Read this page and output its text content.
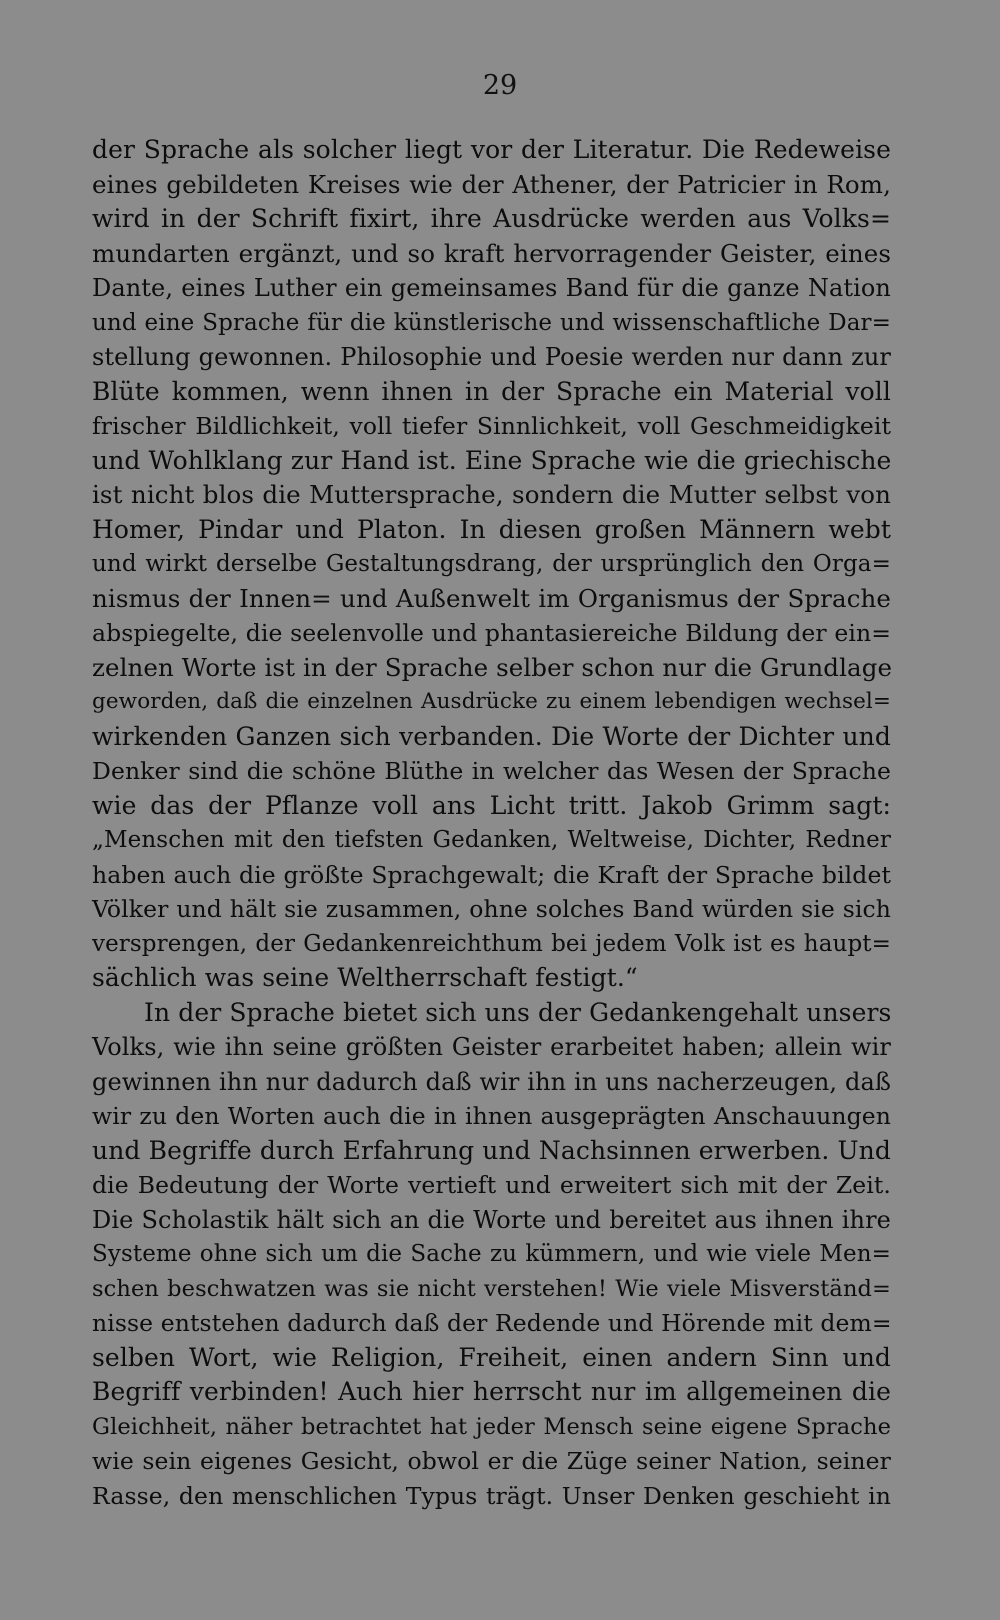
29
der Sprache als solcher liegt vor der Literatur. Die Redeweise
eines gebildeten Kreises wie der Athener, der Patricier in Rom,
wird in der Schrift fixirt, ihre Ausdrücke werden aus Volks=
mundarten ergänzt, und so kraft hervorragender Geister, eines
Dante, eines Luther ein gemeinsames Band für die ganze Nation
und eine Sprache für die künstlerische und wissenschaftliche Dar=
stellung gewonnen. Philosophie und Poesie werden nur dann zur
Blüte kommen, wenn ihnen in der Sprache ein Material voll
frischer Bildlichkeit, voll tiefer Sinnlichkeit, voll Geschmeidigkeit
und Wohlklang zur Hand ist. Eine Sprache wie die griechische
ist nicht blos die Muttersprache, sondern die Mutter selbst von
Homer, Pindar und Platon. In diesen großen Männern webt
und wirkt derselbe Gestaltungsdrang, der ursprünglich den Orga=
nismus der Innen= und Außenwelt im Organismus der Sprache
abspiegelte, die seelenvolle und phantasiereiche Bildung der ein=
zelnen Worte ist in der Sprache selber schon nur die Grundlage
geworden, daß die einzelnen Ausdrücke zu einem lebendigen wechsel=
wirkenden Ganzen sich verbanden. Die Worte der Dichter und
Denker sind die schöne Blüthe in welcher das Wesen der Sprache
wie das der Pflanze voll ans Licht tritt. Jakob Grimm sagt:
„Menschen mit den tiefsten Gedanken, Weltweise, Dichter, Redner
haben auch die größte Sprachgewalt; die Kraft der Sprache bildet
Völker und hält sie zusammen, ohne solches Band würden sie sich
versprengen, der Gedankenreichthum bei jedem Volk ist es haupt=
sächlich was seine Weltherrschaft festigt.“
In der Sprache bietet sich uns der Gedankengehalt unsers
Volks, wie ihn seine größten Geister erarbeitet haben; allein wir
gewinnen ihn nur dadurch daß wir ihn in uns nacherzeugen, daß
wir zu den Worten auch die in ihnen ausgeprägten Anschauungen
und Begriffe durch Erfahrung und Nachsinnen erwerben. Und
die Bedeutung der Worte vertieft und erweitert sich mit der Zeit.
Die Scholastik hält sich an die Worte und bereitet aus ihnen ihre
Systeme ohne sich um die Sache zu kümmern, und wie viele Men=
schen beschwatzen was sie nicht verstehen! Wie viele Misverständ=
nisse entstehen dadurch daß der Redende und Hörende mit dem=
selben Wort, wie Religion, Freiheit, einen andern Sinn und
Begriff verbinden! Auch hier herrscht nur im allgemeinen die
Gleichheit, näher betrachtet hat jeder Mensch seine eigene Sprache
wie sein eigenes Gesicht, obwol er die Züge seiner Nation, seiner
Rasse, den menschlichen Typus trägt. Unser Denken geschieht in
